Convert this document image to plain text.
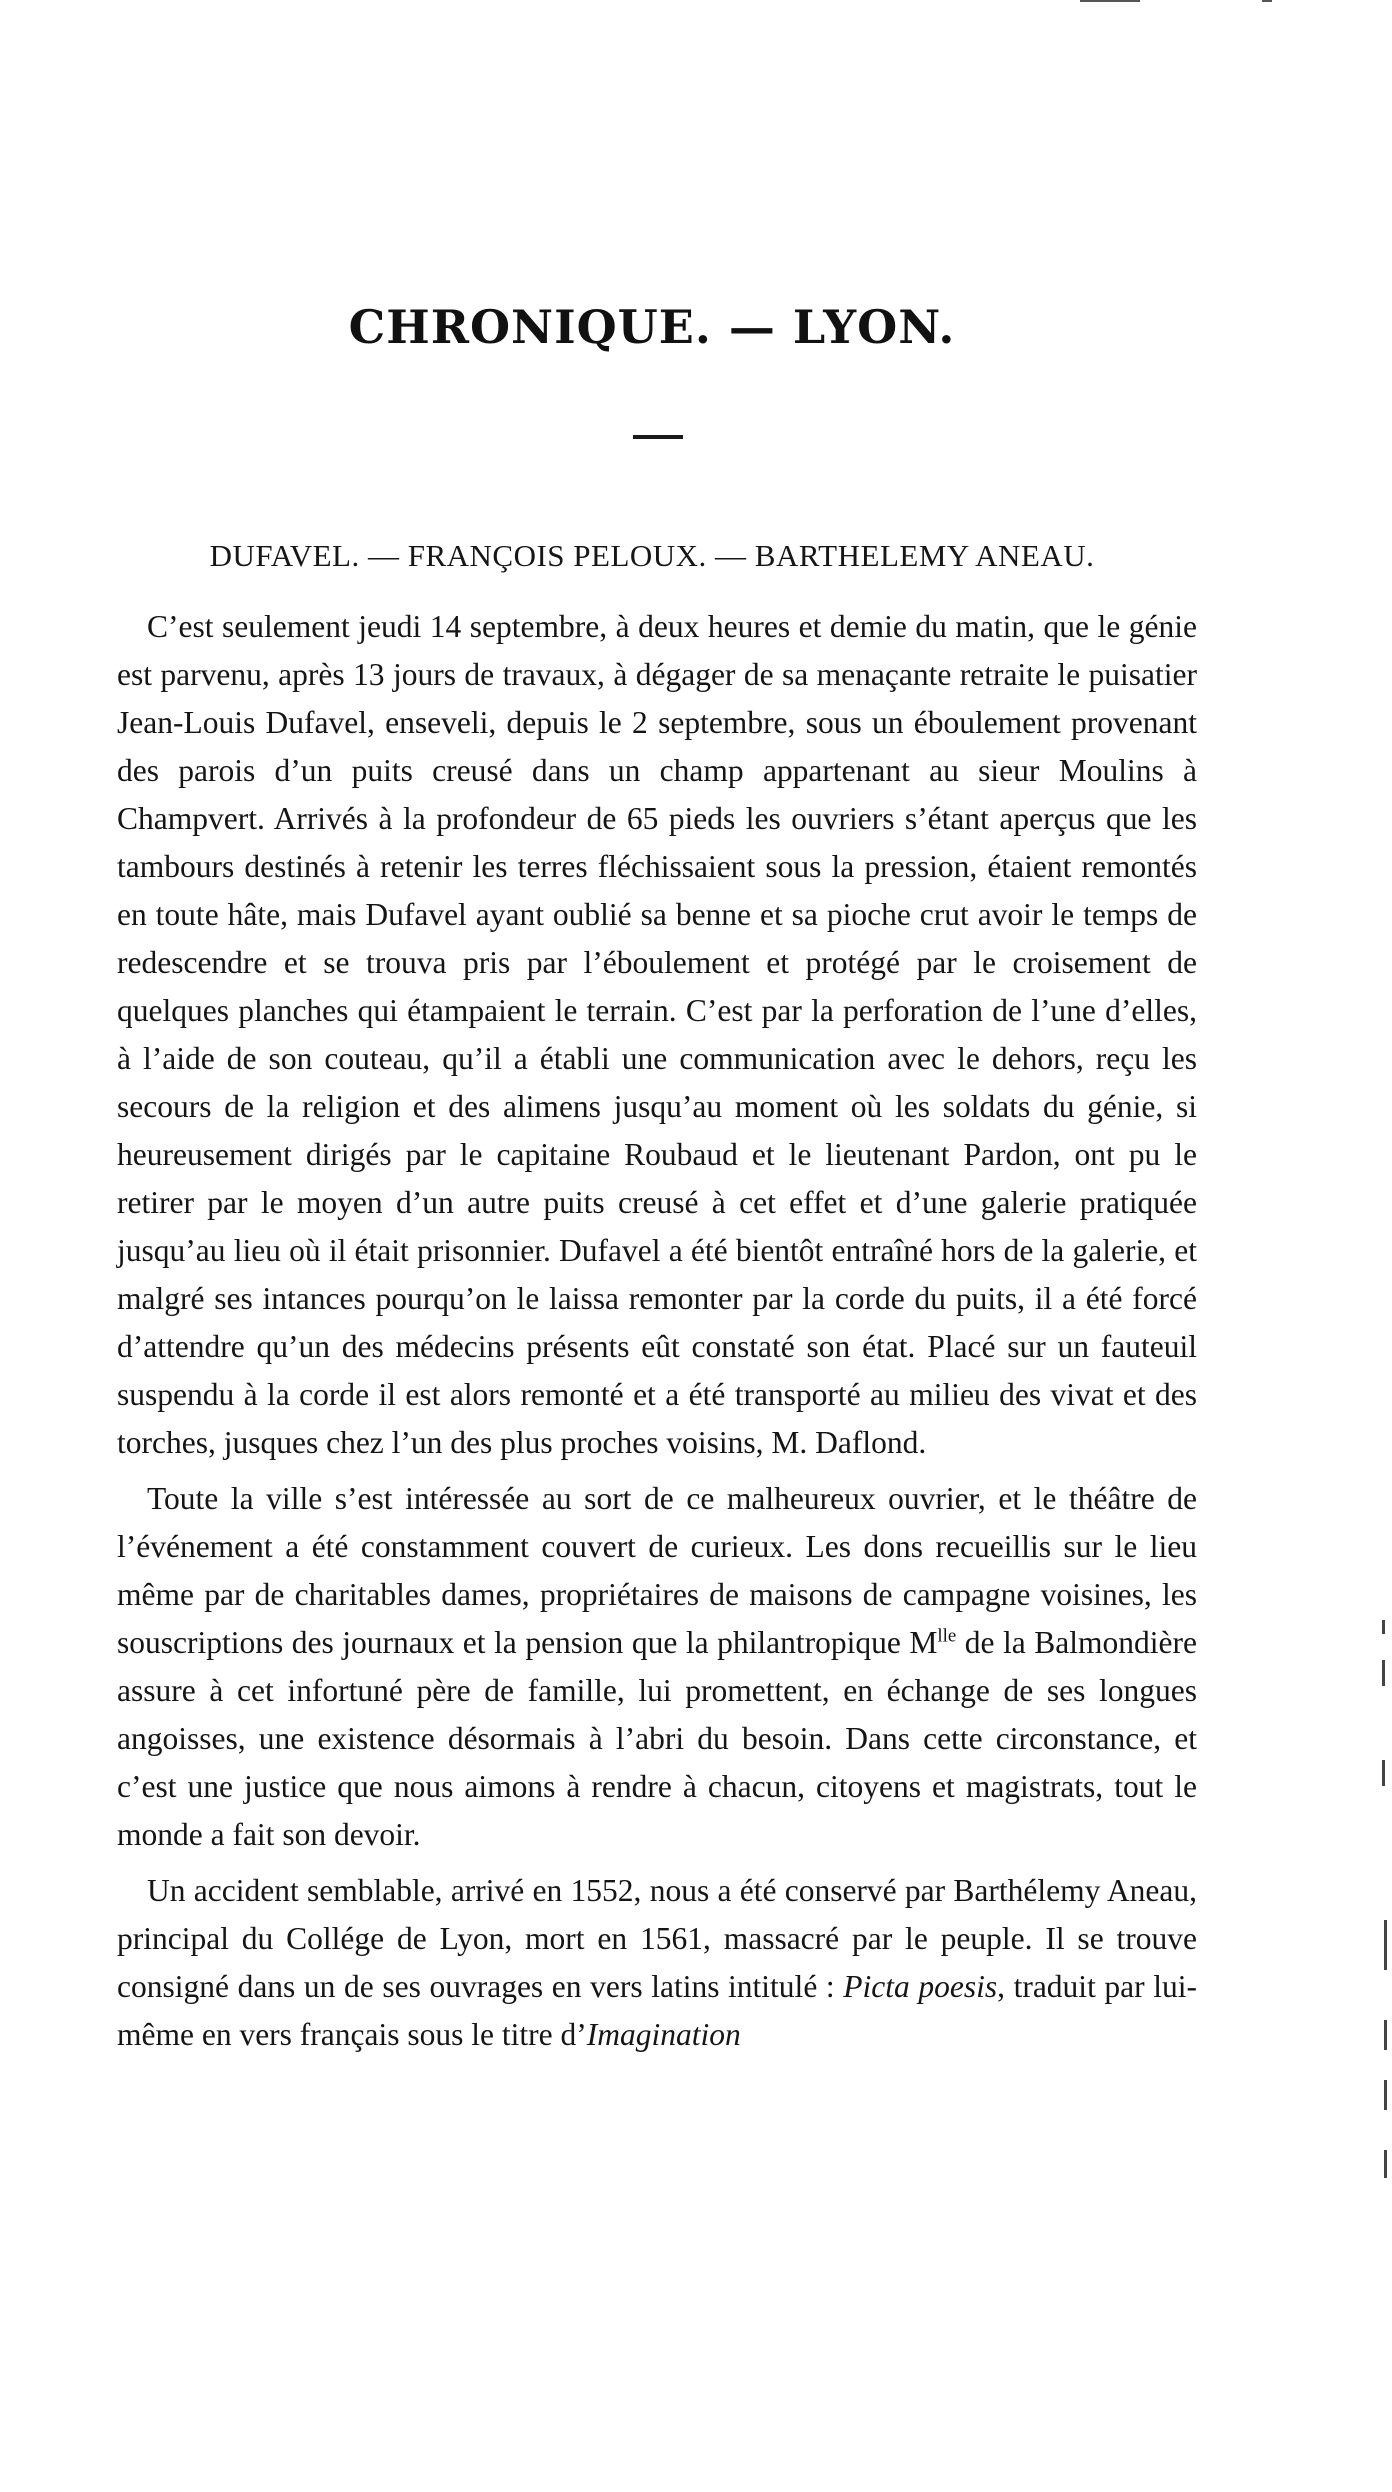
CHRONIQUE. — LYON.
DUFAVEL. — FRANÇOIS PELOUX. — BARTHELEMY ANEAU.

C’est seulement jeudi 14 septembre, à deux heures et demie du matin, que le génie est parvenu, après 13 jours de travaux, à dégager de sa menaçante retraite le puisatier Jean-Louis Dufavel, enseveli, depuis le 2 septembre, sous un éboulement provenant des parois d’un puits creusé dans un champ appartenant au sieur Moulins à Champvert. Arrivés à la profondeur de 65 pieds les ouvriers s’étant aperçus que les tambours destinés à retenir les terres fléchissaient sous la pression, étaient remontés en toute hâte, mais Dufavel ayant oublié sa benne et sa pioche crut avoir le temps de redescendre et se trouva pris par l’éboulement et protégé par le croisement de quelques planches qui étampaient le terrain. C’est par la perforation de l’une d’elles, à l’aide de son couteau, qu’il a établi une communication avec le dehors, reçu les secours de la religion et des alimens jusqu’au moment où les soldats du génie, si heureusement dirigés par le capitaine Roubaud et le lieutenant Pardon, ont pu le retirer par le moyen d’un autre puits creusé à cet effet et d’une galerie pratiquée jusqu’au lieu où il était prisonnier. Dufavel a été bientôt entraîné hors de la galerie, et malgré ses intances pourqu’on le laissa remonter par la corde du puits, il a été forcé d’attendre qu’un des médecins présents eût constaté son état. Placé sur un fauteuil suspendu à la corde il est alors remonté et a été transporté au milieu des vivat et des torches, jusques chez l’un des plus proches voisins, M. Daflond.

Toute la ville s’est intéressée au sort de ce malheureux ouvrier, et le théâtre de l’événement a été constamment couvert de curieux. Les dons recueillis sur le lieu même par de charitables dames, propriétaires de maisons de campagne voisines, les souscriptions des journaux et la pension que la philantropique $M^{lle}$ de la Balmondière assure à cet infortuné père de famille, lui promettent, en échange de ses longues angoisses, une existence désormais à l’abri du besoin. Dans cette circonstance, et c’est une justice que nous aimons à rendre à chacun, citoyens et magistrats, tout le monde a fait son devoir.

Un accident semblable, arrivé en 1552, nous a été conservé par Barthélemy Aneau, principal du Collége de Lyon, mort en 1561, massacré par le peuple. Il se trouve consigné dans un de ses ouvrages en vers latins intitulé : Picta poesis, traduit par lui-même en vers français sous le titre d’Imagination
